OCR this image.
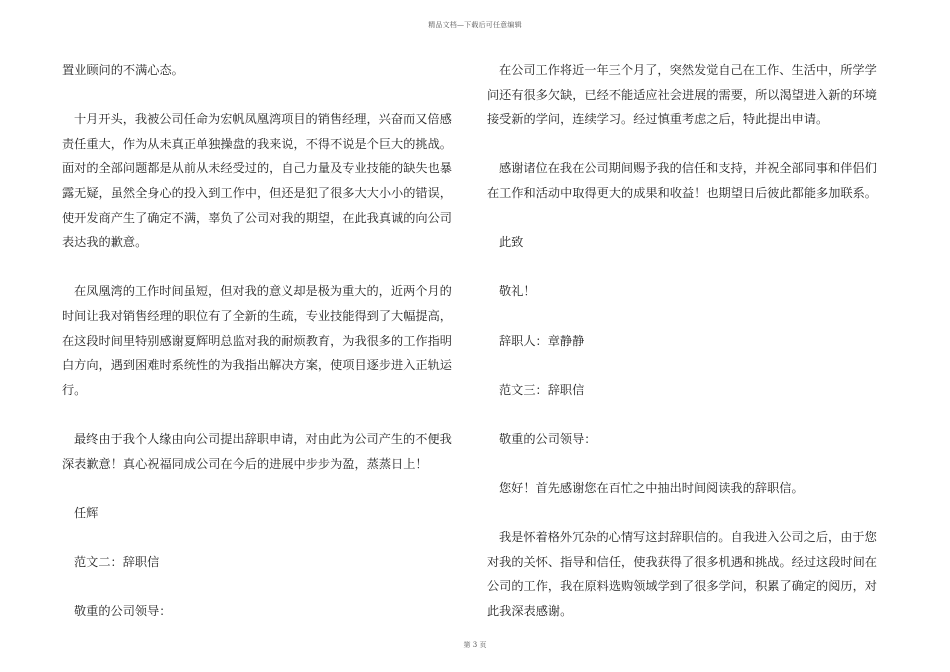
精品文档—下载后可任意编辑

置业顾问的不满心态。

十月开头，我被公司任命为宏帆凤凰湾项目的销售经理，兴奋而又倍感责任重大，作为从未真正单独操盘的我来说，不得不说是个巨大的挑战。面对的全部问题都是从前从未经受过的，自己力量及专业技能的缺失也暴露无疑，虽然全身心的投入到工作中，但还是犯了很多大大小小的错误，使开发商产生了确定不满，辜负了公司对我的期望，在此我真诚的向公司表达我的歉意。

在凤凰湾的工作时间虽短，但对我的意义却是极为重大的，近两个月的时间让我对销售经理的职位有了全新的生疏，专业技能得到了大幅提高，在这段时间里特别感谢夏辉明总监对我的耐烦教育，为我很多的工作指明白方向，遇到困难时系统性的为我指出解决方案，使项目逐步进入正轨运行。

最终由于我个人缘由向公司提出辞职申请，对由此为公司产生的不便我深表歉意！真心祝福同成公司在今后的进展中步步为盈，蒸蒸日上！

任辉

范文二：辞职信

敬重的公司领导：

在公司工作将近一年三个月了，突然发觉自己在工作、生活中，所学学问还有很多欠缺，已经不能适应社会进展的需要，所以渴望进入新的环境接受新的学问，连续学习。经过慎重考虑之后，特此提出申请。

感谢诸位在我在公司期间赐予我的信任和支持，并祝全部同事和伴侣们在工作和活动中取得更大的成果和收益！也期望日后彼此都能多加联系。

此致

敬礼！

辞职人：章静静

范文三：辞职信

敬重的公司领导：

您好！首先感谢您在百忙之中抽出时间阅读我的辞职信。

我是怀着格外冗杂的心情写这封辞职信的。自我进入公司之后，由于您对我的关怀、指导和信任，使我获得了很多机遇和挑战。经过这段时间在公司的工作，我在原料选购领域学到了很多学问，积累了确定的阅历，对此我深表感谢。

第 3 页
